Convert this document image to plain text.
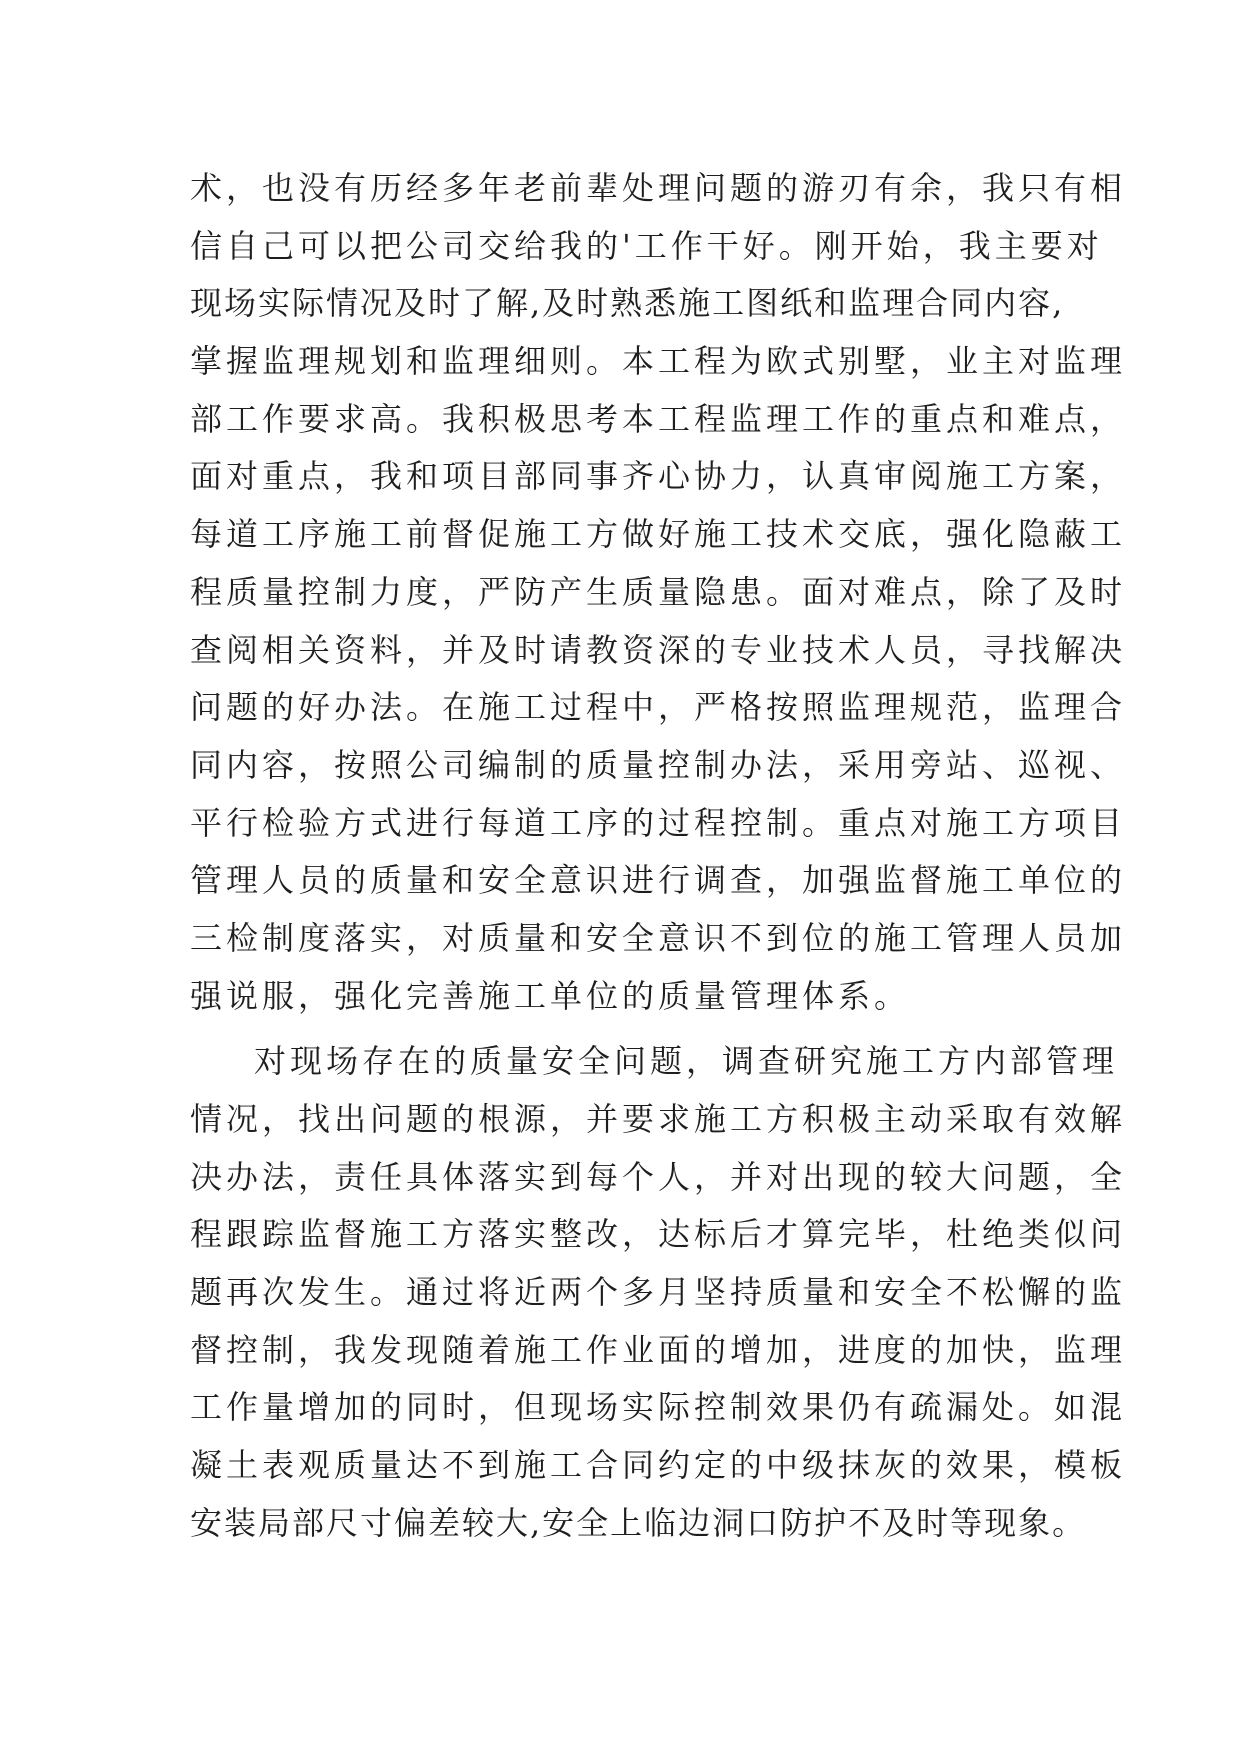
术，也没有历经多年老前辈处理问题的游刃有余，我只有相
信自己可以把公司交给我的'工作干好。刚开始，我主要对
现场实际情况及时了解,及时熟悉施工图纸和监理合同内容,
掌握监理规划和监理细则。本工程为欧式别墅，业主对监理
部工作要求高。我积极思考本工程监理工作的重点和难点，
面对重点，我和项目部同事齐心协力，认真审阅施工方案，
每道工序施工前督促施工方做好施工技术交底，强化隐蔽工
程质量控制力度，严防产生质量隐患。面对难点，除了及时
查阅相关资料，并及时请教资深的专业技术人员，寻找解决
问题的好办法。在施工过程中，严格按照监理规范，监理合
同内容，按照公司编制的质量控制办法，采用旁站、巡视、
平行检验方式进行每道工序的过程控制。重点对施工方项目
管理人员的质量和安全意识进行调查，加强监督施工单位的
三检制度落实，对质量和安全意识不到位的施工管理人员加
强说服，强化完善施工单位的质量管理体系。
对现场存在的质量安全问题，调查研究施工方内部管理
情况，找出问题的根源，并要求施工方积极主动采取有效解
决办法，责任具体落实到每个人，并对出现的较大问题，全
程跟踪监督施工方落实整改，达标后才算完毕，杜绝类似问
题再次发生。通过将近两个多月坚持质量和安全不松懈的监
督控制，我发现随着施工作业面的增加，进度的加快，监理
工作量增加的同时，但现场实际控制效果仍有疏漏处。如混
凝土表观质量达不到施工合同约定的中级抹灰的效果，模板
安装局部尺寸偏差较大,安全上临边洞口防护不及时等现象。
